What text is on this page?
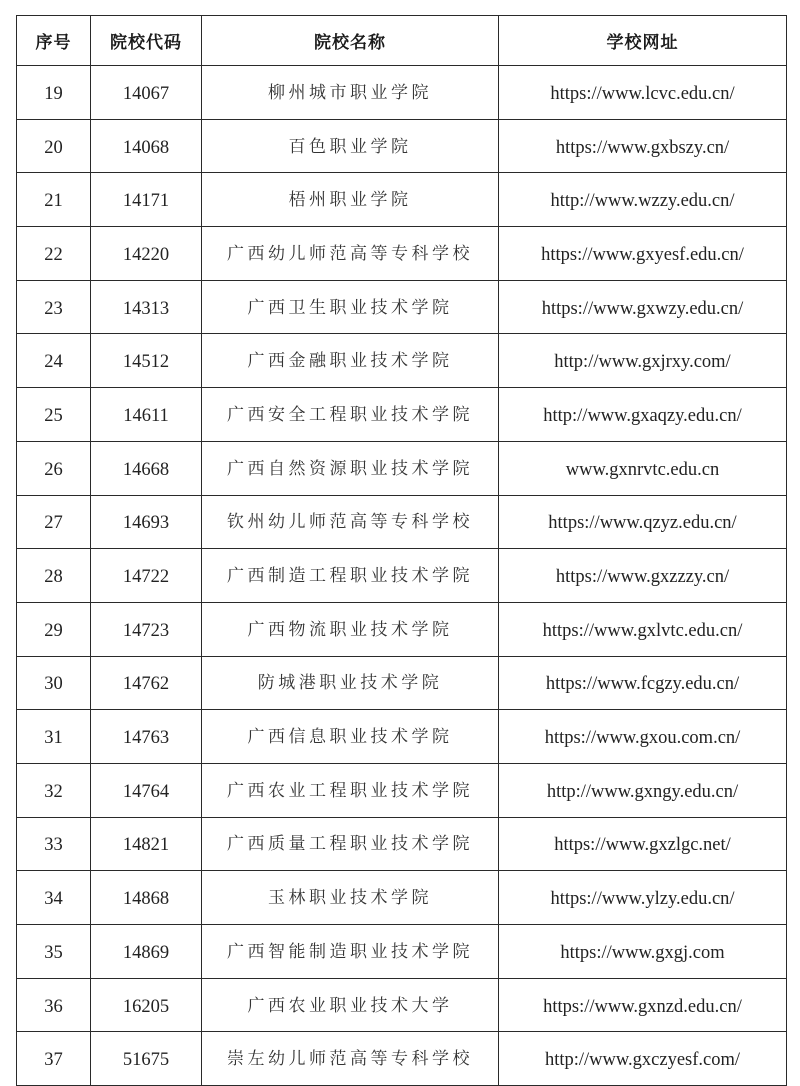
序号	院校代码	院校名称	学校网址
19	14067	柳州城市职业学院	https://www.lcvc.edu.cn/
20	14068	百色职业学院	https://www.gxbszy.cn/
21	14171	梧州职业学院	http://www.wzzy.edu.cn/
22	14220	广西幼儿师范高等专科学校	https://www.gxyesf.edu.cn/
23	14313	广西卫生职业技术学院	https://www.gxwzy.edu.cn/
24	14512	广西金融职业技术学院	http://www.gxjrxy.com/
25	14611	广西安全工程职业技术学院	http://www.gxaqzy.edu.cn/
26	14668	广西自然资源职业技术学院	www.gxnrvtc.edu.cn
27	14693	钦州幼儿师范高等专科学校	https://www.qzyz.edu.cn/
28	14722	广西制造工程职业技术学院	https://www.gxzzzy.cn/
29	14723	广西物流职业技术学院	https://www.gxlvtc.edu.cn/
30	14762	防城港职业技术学院	https://www.fcgzy.edu.cn/
31	14763	广西信息职业技术学院	https://www.gxou.com.cn/
32	14764	广西农业工程职业技术学院	http://www.gxngy.edu.cn/
33	14821	广西质量工程职业技术学院	https://www.gxzlgc.net/
34	14868	玉林职业技术学院	https://www.ylzy.edu.cn/
35	14869	广西智能制造职业技术学院	https://www.gxgj.com
36	16205	广西农业职业技术大学	https://www.gxnzd.edu.cn/
37	51675	崇左幼儿师范高等专科学校	http://www.gxczyesf.com/
